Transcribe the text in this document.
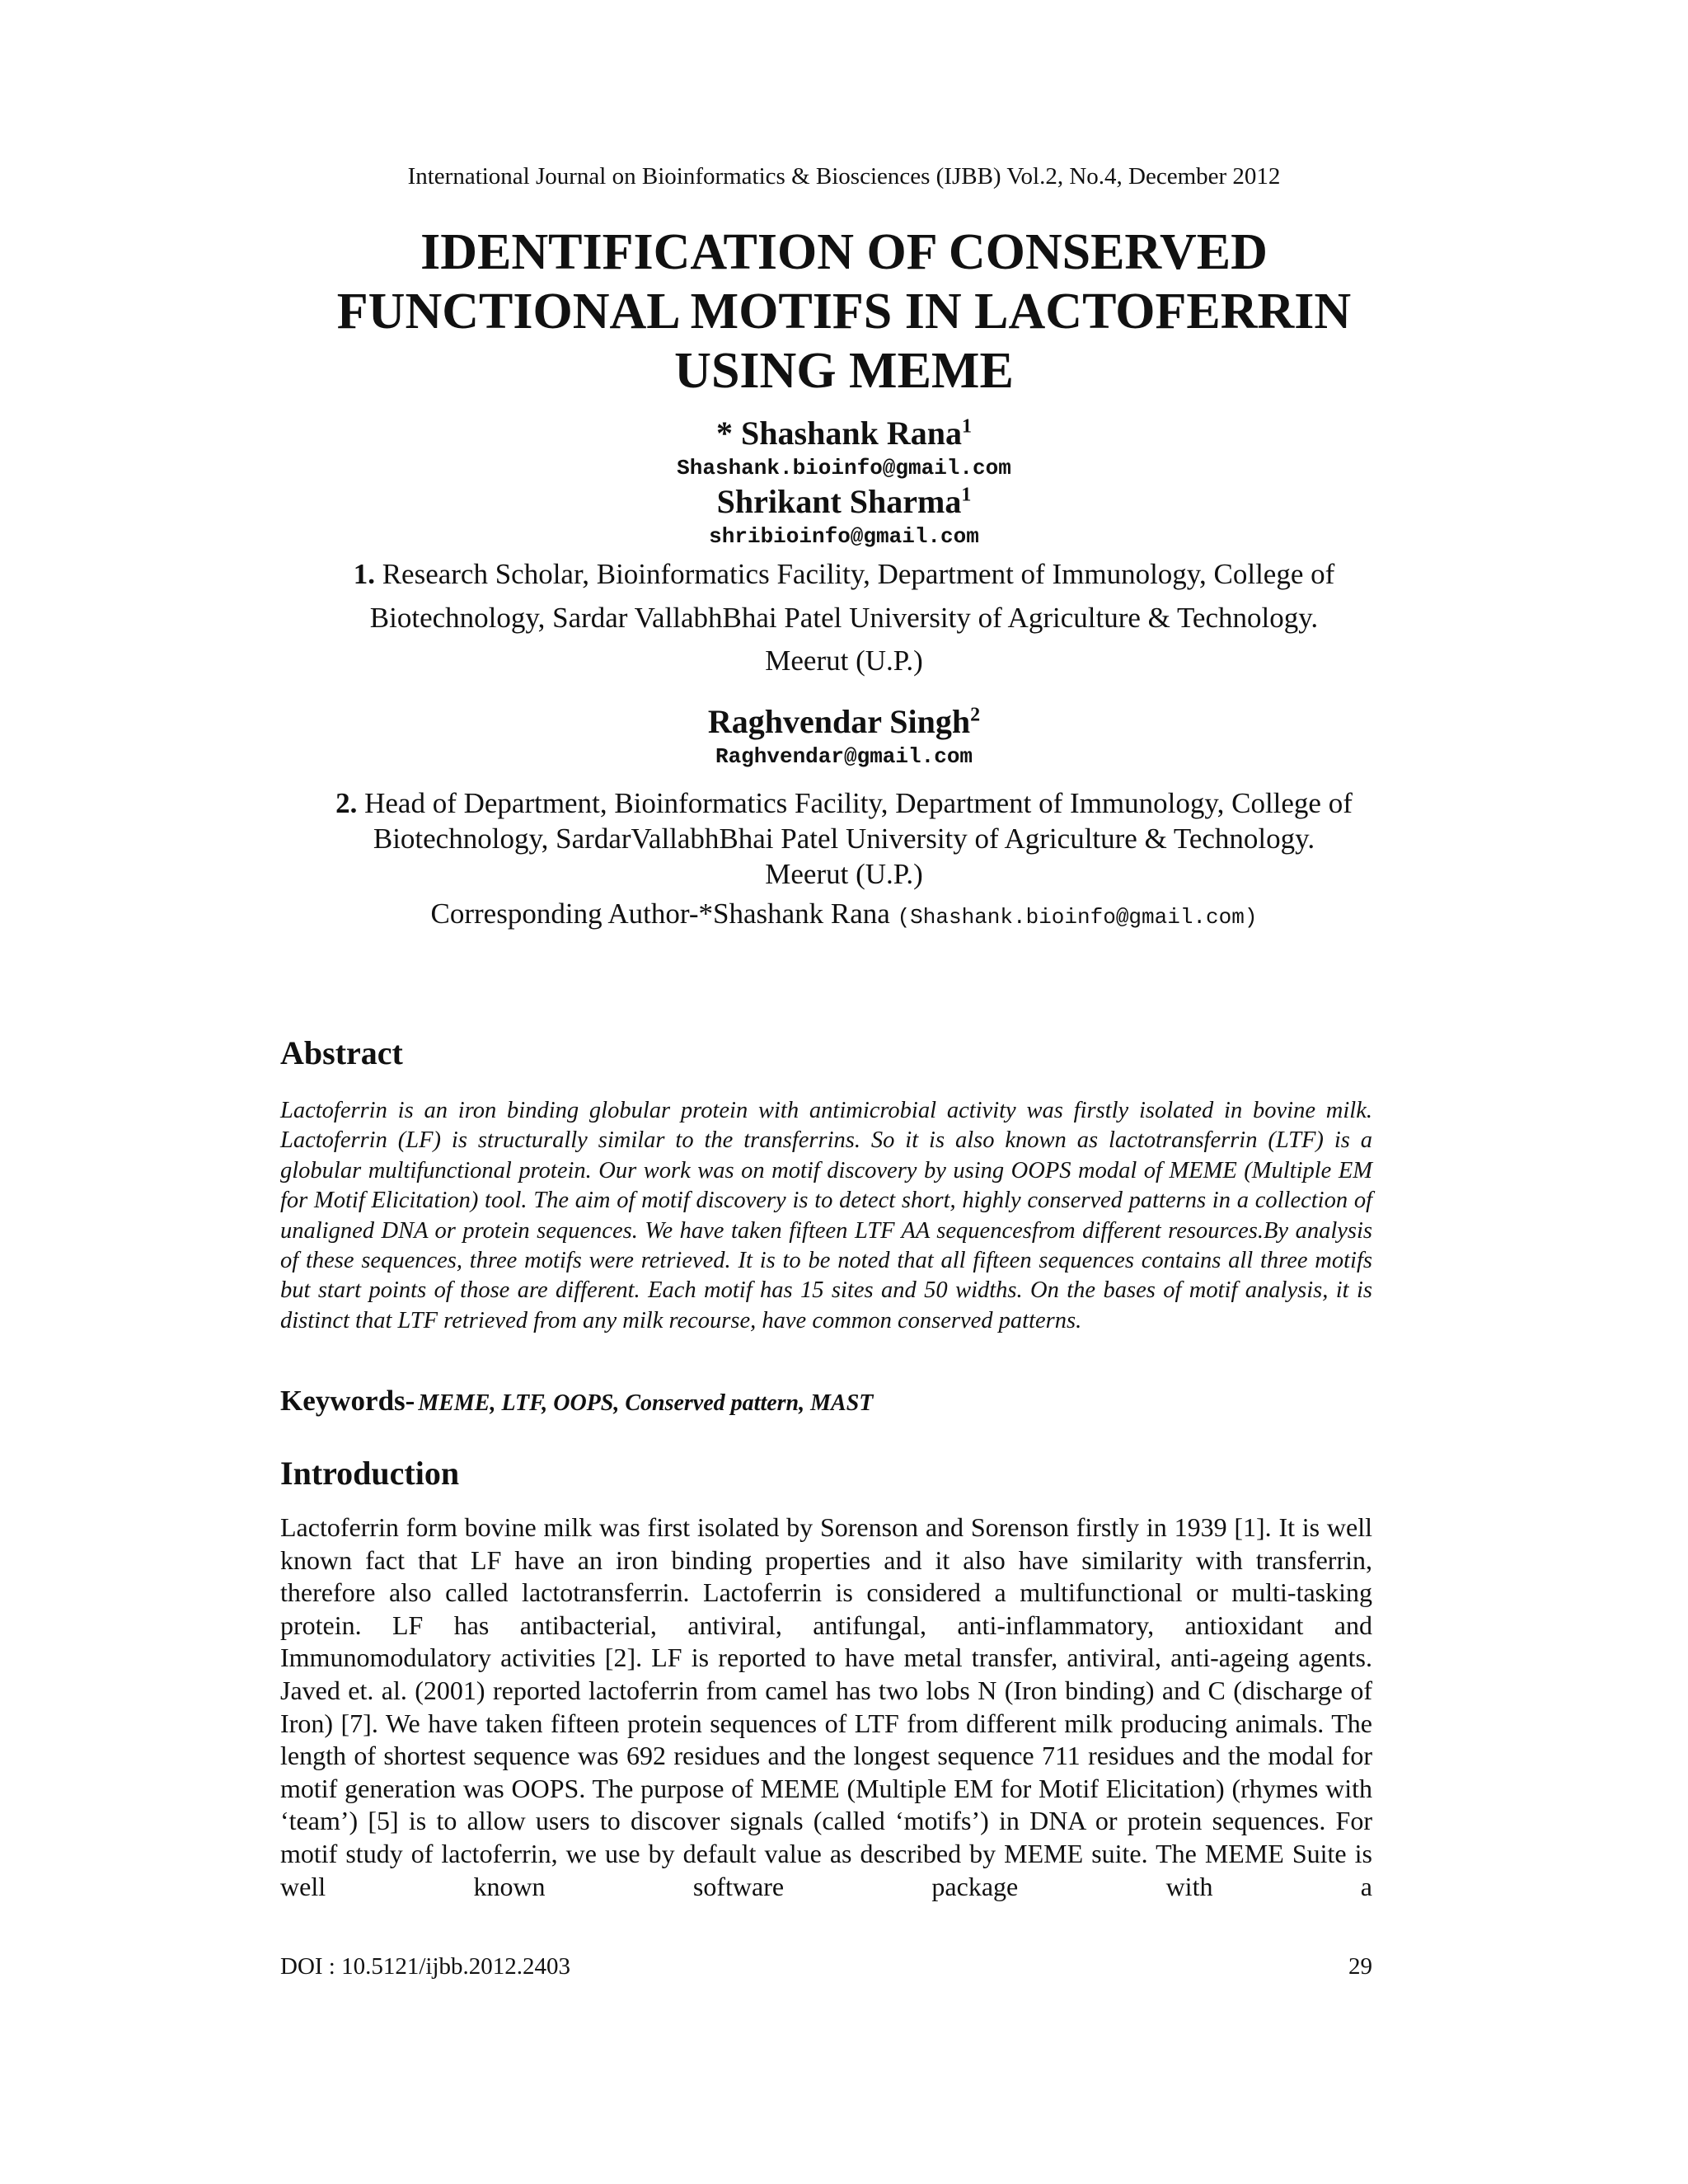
International Journal on Bioinformatics & Biosciences (IJBB) Vol.2, No.4, December 2012
IDENTIFICATION OF CONSERVED
FUNCTIONAL MOTIFS IN LACTOFERRIN
USING MEME
* Shashank Rana$^1$
Shashank.bioinfo@gmail.com
Shrikant Sharma$^1$
shribioinfo@gmail.com
1. Research Scholar, Bioinformatics Facility, Department of Immunology, College of
Biotechnology, Sardar VallabhBhai Patel University of Agriculture & Technology.
Meerut (U.P.)
Raghvendar Singh$^2$
Raghvendar@gmail.com
2. Head of Department, Bioinformatics Facility, Department of Immunology, College of
Biotechnology, SardarVallabhBhai Patel University of Agriculture & Technology.
Meerut (U.P.)
Corresponding Author-*Shashank Rana (Shashank.bioinfo@gmail.com)
Abstract
Lactoferrin is an iron binding globular protein with antimicrobial activity was firstly isolated in bovine milk. Lactoferrin (LF) is structurally similar to the transferrins. So it is also known as lactotransferrin (LTF) is a globular multifunctional protein. Our work was on motif discovery by using OOPS modal of MEME (Multiple EM for Motif Elicitation) tool. The aim of motif discovery is to detect short, highly conserved patterns in a collection of unaligned DNA or protein sequences. We have taken fifteen LTF AA sequencesfrom different resources.By analysis of these sequences, three motifs were retrieved. It is to be noted that all fifteen sequences contains all three motifs but start points of those are different. Each motif has 15 sites and 50 widths. On the bases of motif analysis, it is distinct that LTF retrieved from any milk recourse, have common conserved patterns.
Keywords- MEME, LTF, OOPS, Conserved pattern, MAST
Introduction
Lactoferrin form bovine milk was first isolated by Sorenson and Sorenson firstly in 1939 [1]. It is well known fact that LF have an iron binding properties and it also have similarity with transferrin, therefore also called lactotransferrin. Lactoferrin is considered a multifunctional or multi-tasking protein. LF has antibacterial, antiviral, antifungal, anti-inflammatory, antioxidant and Immunomodulatory activities [2]. LF is reported to have metal transfer, antiviral, anti-ageing agents. Javed et. al. (2001) reported lactoferrin from camel has two lobs N (Iron binding) and C (discharge of Iron) [7]. We have taken fifteen protein sequences of LTF from different milk producing animals. The length of shortest sequence was 692 residues and the longest sequence 711 residues and the modal for motif generation was OOPS. The purpose of MEME (Multiple EM for Motif Elicitation) (rhymes with ‘team’) [5] is to allow users to discover signals (called ‘motifs’) in DNA or protein sequences. For motif study of lactoferrin, we use by default value as described by MEME suite. The MEME Suite is well known software package with a
DOI : 10.5121/ijbb.2012.2403	29
